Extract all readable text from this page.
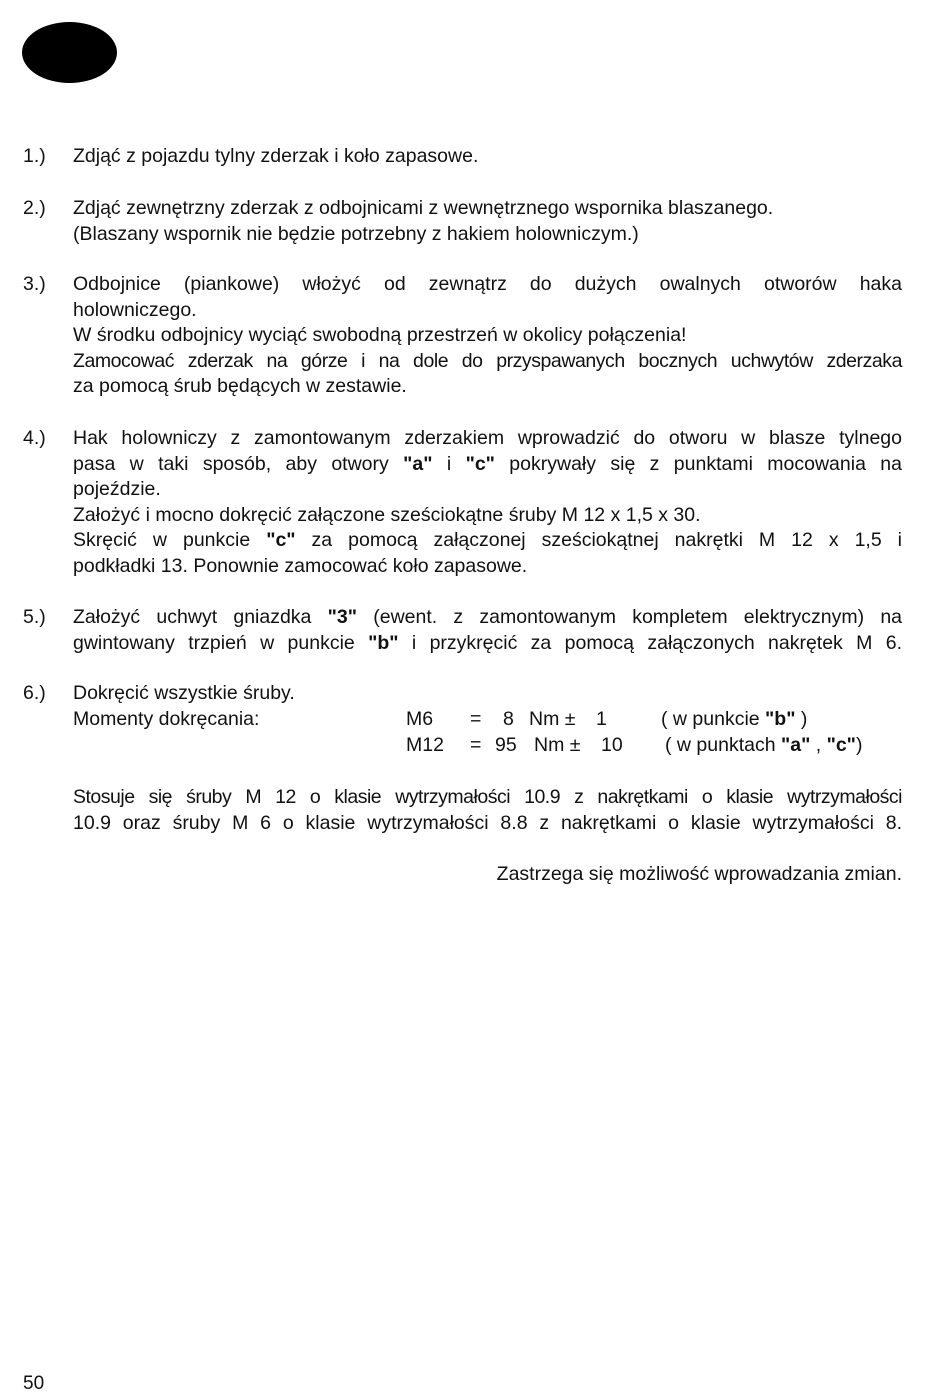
1.) Zdjąć z pojazdu tylny zderzak i koło zapasowe.
2.) Zdjąć zewnętrzny zderzak z odbojnicami z wewnętrznego wspornika blaszanego.
(Blaszany wspornik nie będzie potrzebny z hakiem holowniczym.)
3.) Odbojnice (piankowe) włożyć od zewnątrz do dużych owalnych otworów haka
holowniczego.
W środku odbojnicy wyciąć swobodną przestrzeń w okolicy połączenia!
Zamocować zderzak na górze i na dole do przyspawanych bocznych uchwytów zderzaka
za pomocą śrub będących w zestawie.
4.) Hak holowniczy z zamontowanym zderzakiem wprowadzić do otworu w blasze tylnego
pasa w taki sposób, aby otwory "a" i "c" pokrywały się z punktami mocowania na
pojeździe.
Założyć i mocno dokręcić załączone sześciokątne śruby M 12 x 1,5 x 30.
Skręcić w punkcie "c" za pomocą załączonej sześciokątnej nakrętki M 12 x 1,5 i
podkładki 13. Ponownie zamocować koło zapasowe.
5.) Założyć uchwyt gniazdka "3" (ewent. z zamontowanym kompletem elektrycznym) na
gwintowany trzpień w punkcie "b" i przykręcić za pomocą załączonych nakrętek M 6.
6.) Dokręcić wszystkie śruby.
Momenty dokręcania:	M6 = 8 Nm ± 1	( w punkcie "b" )
M12 = 95 Nm ± 10 ( w punktach "a" , "c")
Stosuje się śruby M 12 o klasie wytrzymałości 10.9 z nakrętkami o klasie wytrzymałości
10.9 oraz śruby M 6 o klasie wytrzymałości 8.8 z nakrętkami o klasie wytrzymałości 8.
Zastrzega się możliwość wprowadzania zmian.
50
